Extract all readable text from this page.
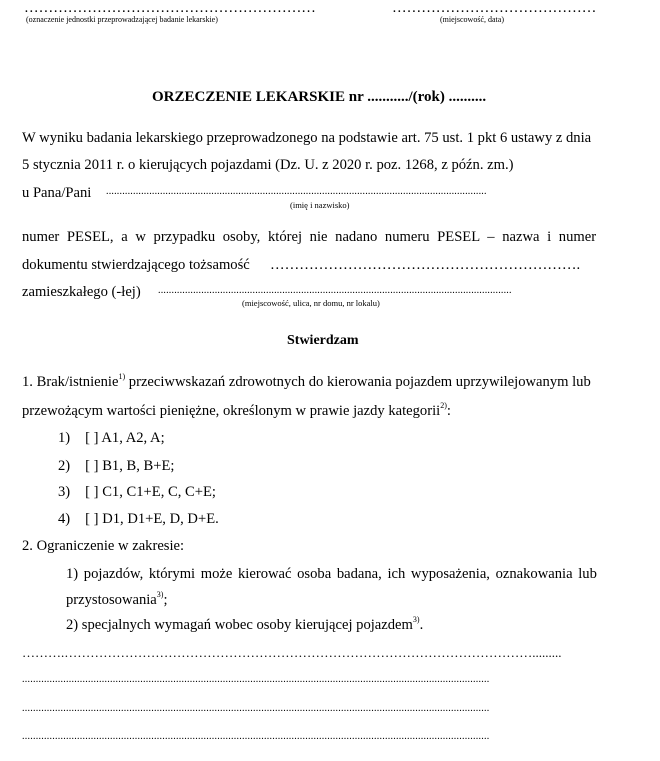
……………………………………………………
(oznaczenie jednostki przeprowadzającej badanie lekarskie)
……………………………………
(miejscowość, data)
ORZECZENIE LEKARSKIE nr .........../(rok) ..........
W wyniku badania lekarskiego przeprowadzonego na podstawie art. 75 ust. 1 pkt 6 ustawy z dnia
5 stycznia 2011 r. o kierujących pojazdami (Dz. U. z 2020 r. poz. 1268, z późn. zm.)
u Pana/Pani .............................................................................................................................................
(imię i nazwisko)
numer PESEL, a w przypadku osoby, której nie nadano numeru PESEL – nazwa i numer
dokumentu stwierdzającego tożsamość ……………………………………………………….
zamieszkałego (-łej) ...................................................................................................................................
(miejscowość, ulica, nr domu, nr lokalu)
Stwierdzam
1. Brak/istnienie$^{1)}$ przeciwwskazań zdrowotnych do kierowania pojazdem uprzywilejowanym lub
przewożącym wartości pieniężne, określonym w prawie jazdy kategorii$^{2)}$:
1) [ ] A1, A2, A;
2) [ ] B1, B, B+E;
3) [ ] C1, C1+E, C, C+E;
4) [ ] D1, D1+E, D, D+E.
2. Ograniczenie w zakresie:
1) pojazdów, którymi może kierować osoba badana, ich wyposażenia, oznakowania lub
przystosowania$^{3)}$;
2) specjalnych wymagań wobec osoby kierującej pojazdem$^{3)}$.
……….……………………………………………………………………………………………….........
..........................................................................................................................................................................
..........................................................................................................................................................................
..........................................................................................................................................................................
